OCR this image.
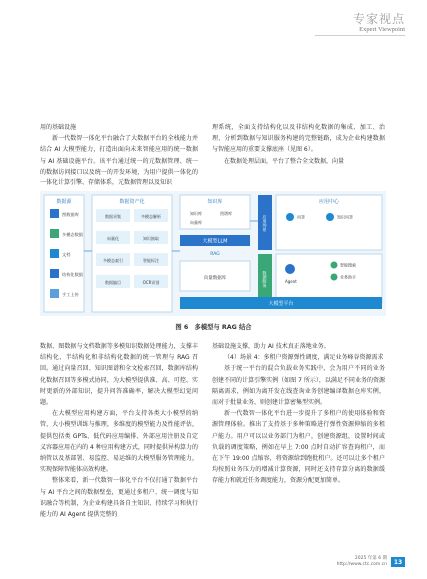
专家视点
Expert Viewpoint

用的基础设施

新一代数智一体化平台融合了大数据平台的全栈能力并结合 AI 大模型能力，打造出面向未来智能应用的统一数据与 AI 基础设施平台。该平台通过统一的元数据管理、统一的数据访问接口以及统一的开发环境，为用户提供一体化的

一体化计算引擎、存储体系，元数据管理以及知识

理系统，全面支持结构化以及非结构化数据的集成、加工、治理、分析到数据与知识服务构建的完整链路，成为企业构建数据与智能应用的重要支撑底座（见图 6）。

在数据处理层面，平台了整合全文数据，向量

数据源
图数据库
多模态数据
文档
结构化数据
手工上传
数据资产化
数据采集	多模态解析
向量化	知识抽取
多模态索引	智能标注
数据编目	OCR识别
知识库
知识库	图谱库
向量库
大模型LLM
RAG
向量数据库
应用场景
数据服务
应用中心
问答	知识问答
Agent
智能搜索
业务助手
大模型平台
图 6　多模型与 RAG 结合

数据、图数据与文档数据等多模知识数据处理能力，支撑丰结构化、半结构化和非结构化数据的统一管理与 RAG 召回。通过向量召回、知识图谱和全文检索召回，数据库结构化数据召回等多模式协同，为大模型提供准、高、可控、实时更新的外部知识，提升问答准确率，解决大模型幻觉问题。

在大模型应用构建方面，平台支持各类大小模型的纳管，大小模型训练与推理，多维度的模型能力及性能评估，提供包括类 GPTs、低代码应用编排、外部应用注册及自定义容器应用在内的 4 种应用构建方式，同时提供异构算力的纳管以及基部署、易监控、易运维的大模型服务管理能力，实现保障智能体高效构建。

整体来看，新一代数智一体化平台不仅打通了数据平台与 AI 平台之间的数据壁垒，更通过多租户、统一调度与知识融合等机制，为企业构建具备自主知识、持续学习和执行能力的 AI Agent 提供完整的

基础设施支撑，助力 AI 技术真正落地业务。

（4）场景 4：多租户资源弹性调度，满足业务峰谷资源需求

基于统一平台的混合负载业务实践中，会为用户不同的业务创建不同的计算引擎实例（如图 7 所示），以满足不同业务的资源隔离需求，例如为离开发在线查询业务创建编译数据仓库实例，而对于批量业务，则创建计算密集型实例。

新一代数智一体化平台进一步提升了多租户的使用体验和资源管理体验。推出了支持基于多种策略进行弹性资源伸缩的多租户能力。用户可以以业务部门为租户，创建资源组，设置时间或负载的调度策略，例如在早上 7:00 点时自动扩容查询租户，而在下午 19:00 点缩容，将资源给到跑批租户。还可以让多个租户均按照业务压力的增减计算资源，同时还支持存算分离的数据缓存能力和就近任务调度能力，资源分配更加简单。

2025 年第 6 期
http://www.ctc.com.cn	13
